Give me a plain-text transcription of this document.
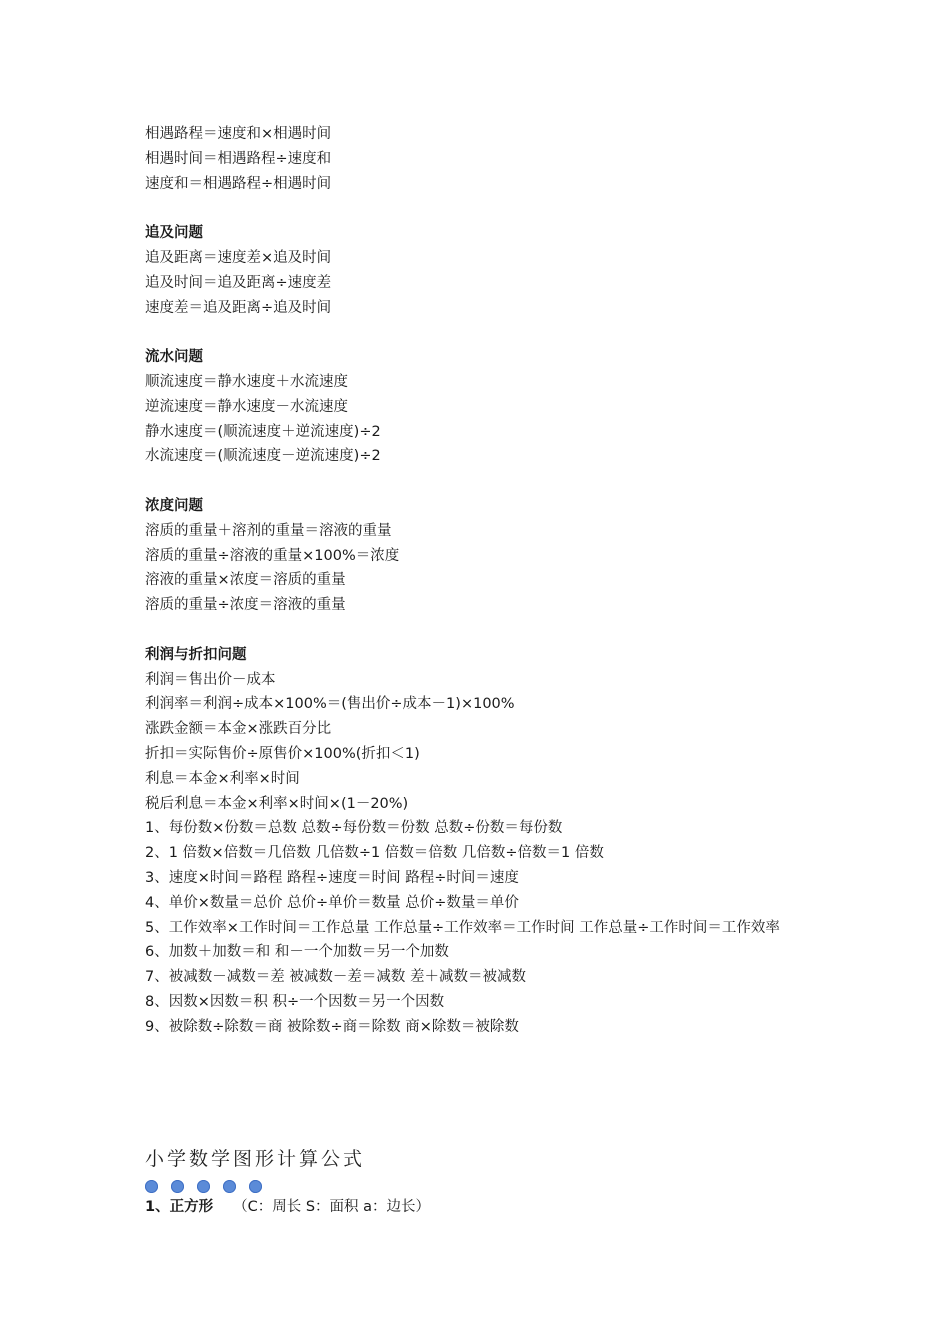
相遇路程＝速度和×相遇时间
相遇时间＝相遇路程÷速度和
速度和＝相遇路程÷相遇时间
追及问题
追及距离＝速度差×追及时间
追及时间＝追及距离÷速度差
速度差＝追及距离÷追及时间
流水问题
顺流速度＝静水速度＋水流速度
逆流速度＝静水速度－水流速度
静水速度＝(顺流速度＋逆流速度)÷2
水流速度＝(顺流速度－逆流速度)÷2
浓度问题
溶质的重量＋溶剂的重量＝溶液的重量
溶质的重量÷溶液的重量×100%＝浓度
溶液的重量×浓度＝溶质的重量
溶质的重量÷浓度＝溶液的重量
利润与折扣问题
利润＝售出价－成本
利润率＝利润÷成本×100%＝(售出价÷成本－1)×100%
涨跌金额＝本金×涨跌百分比
折扣＝实际售价÷原售价×100%(折扣＜1)
利息＝本金×利率×时间
税后利息＝本金×利率×时间×(1－20%)
1、每份数×份数＝总数 总数÷每份数＝份数 总数÷份数＝每份数
2、1 倍数×倍数＝几倍数 几倍数÷1 倍数＝倍数 几倍数÷倍数＝1 倍数
3、速度×时间＝路程 路程÷速度＝时间 路程÷时间＝速度
4、单价×数量＝总价 总价÷单价＝数量 总价÷数量＝单价
5、工作效率×工作时间＝工作总量 工作总量÷工作效率＝工作时间 工作总量÷工作时间＝工作效率
6、加数＋加数＝和 和－一个加数＝另一个加数
7、被减数－减数＝差 被减数－差＝减数 差＋减数＝被减数
8、因数×因数＝积 积÷一个因数＝另一个因数
9、被除数÷除数＝商 被除数÷商＝除数 商×除数＝被除数
小学数学图形计算公式
1、正方形 （C：周长 S：面积 a：边长）
